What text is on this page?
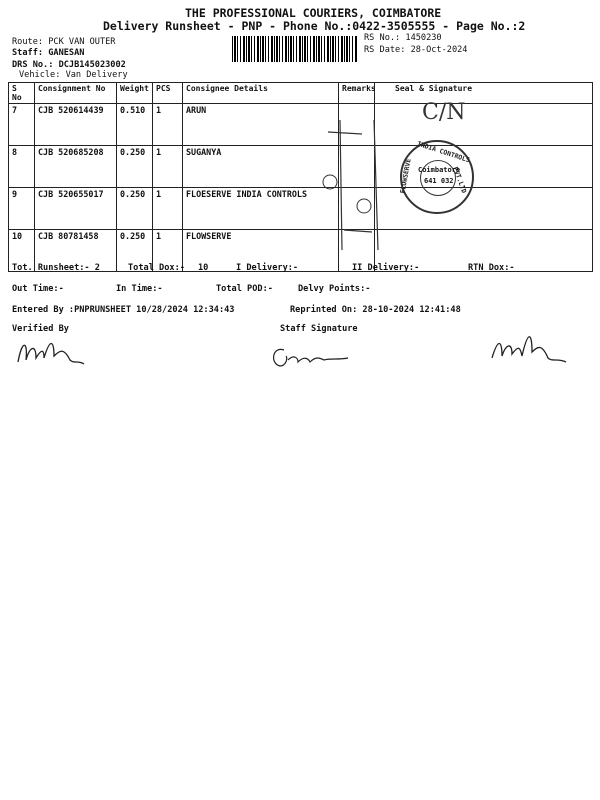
THE PROFESSIONAL COURIERS, COIMBATORE
Delivery Runsheet - PNP - Phone No.:0422-3505555 - Page No.:2
Route: PCK VAN OUTER
Staff: GANESAN
DRS No.: DCJB145023002
Vehicle: Van Delivery
RS No.: 1450230
RS Date: 28-Oct-2024
S No	Consignment No	Weight	PCS	Consignee Details	Remarks	Seal & Signature
7	CJB 520614439	0.510	1	ARUN		
8	CJB 520685208	0.250	1	SUGANYA		
9	CJB 520655017	0.250	1	FLOESERVE INDIA CONTROLS		
10	CJB 80781458	0.250	1	FLOWSERVE		
C/N
INDIA CONTROLS
FLOWSERVE	PVT.LTD
Coimbatore
641 032
Tot. Runsheet:- 2	Total Dox:- 10	I Delivery:-	II Delivery:-	RTN Dox:-
Out Time:-	In Time:-	Total POD:-	Delvy Points:-
Entered By :PNPRUNSHEET 10/28/2024 12:34:43	Reprinted On: 28-10-2024 12:41:48
Verified By	Staff Signature
